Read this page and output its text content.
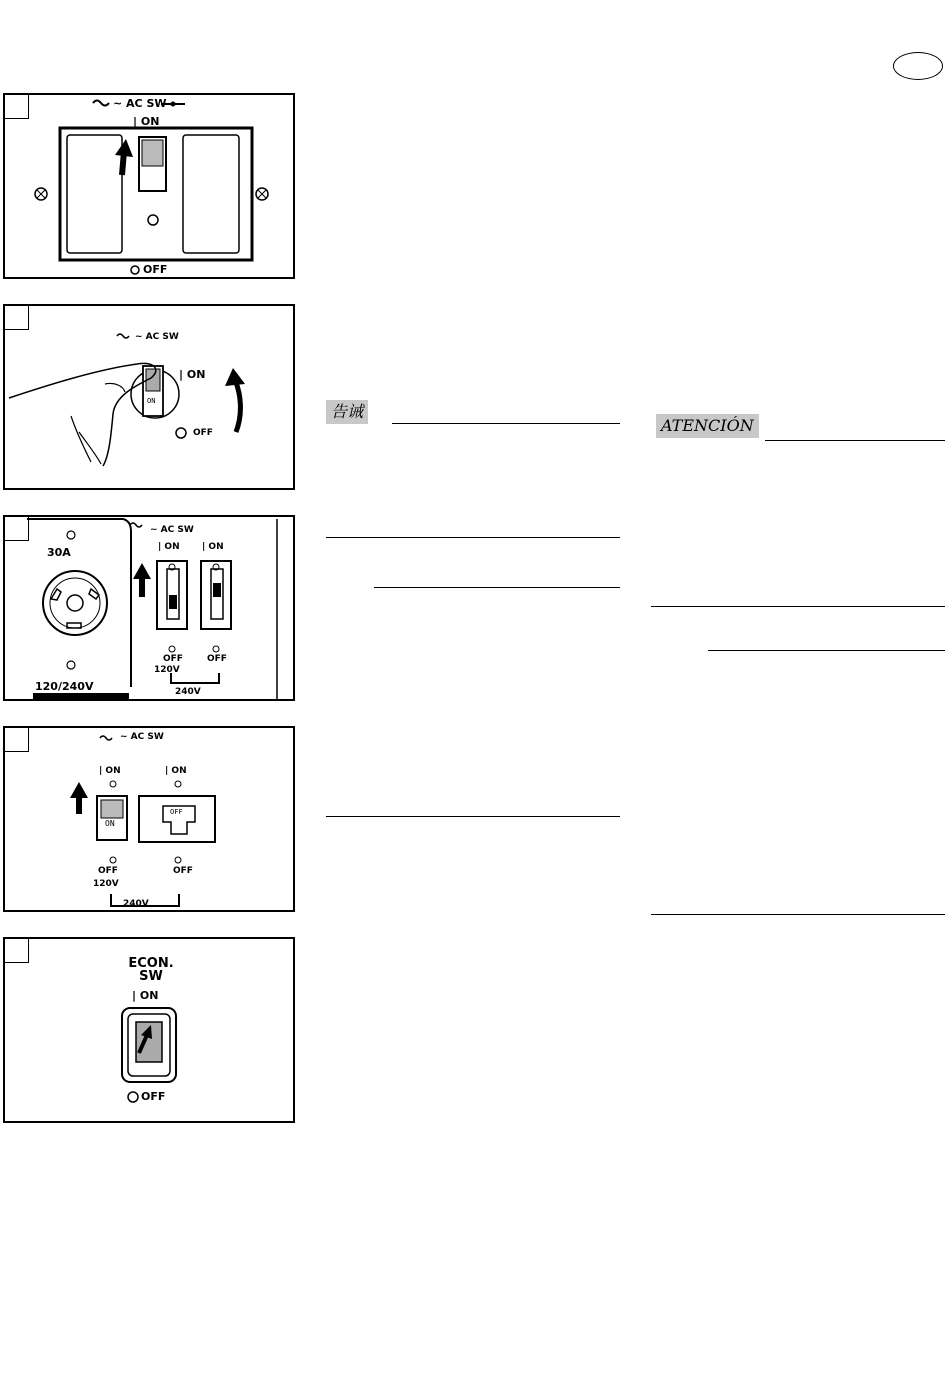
~ AC SW
| ON
OFF
~ AC SW
| ON
OFF
ON
~ AC SW
30A
120/240V
| ON | ON
OFF	OFF
120V
240V
~ AC SW
| ON	| ON
ON
OFF
OFF	OFF
120V
240V
ECON.
SW
| ON
OFF
告诫
ATENCIÓN
